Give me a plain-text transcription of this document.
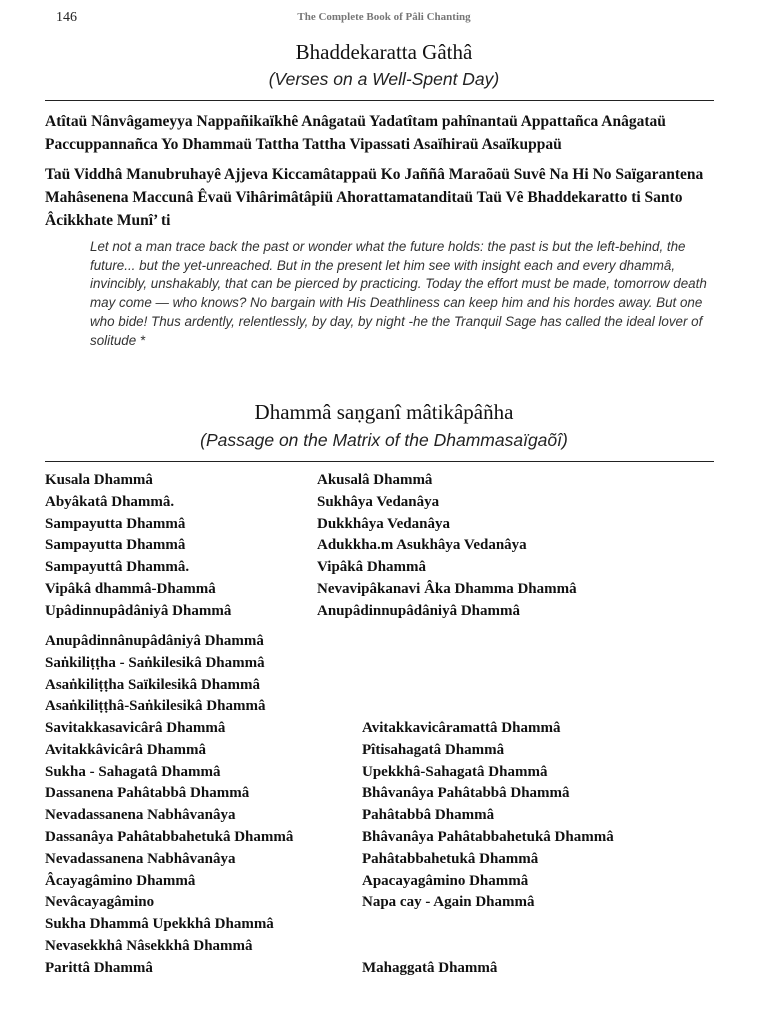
146	The Complete Book of Pâli Chanting
Bhaddekaratta Gâthâ
(Verses on a Well-Spent Day)
Atîtaü Nânvâgameyya Nappañikaïkhê Anâgataü Yadatîtam pahînantaü Appattañca Anâgataü Paccuppannañca Yo Dhammaü Tattha Tattha Vipassati Asaïhiraü Asaïkuppaü
Taü Viddhâ Manubruhayê Ajjeva Kiccamâtappaü Ko Jaññâ Maraõaü Suvê Na Hi No Saïgarantena Mahâsenena Maccunâ Êvaü Vihârimâtâpiü Ahorattamatanditaü Taü Vê Bhaddekaratto ti Santo Âcikkhate Munî’ ti
Let not a man trace back the past or wonder what the future holds: the past is but the left-behind, the future... but the yet-unreached. But in the present let him see with insight each and every dhammâ, invincibly, unshakably, that can be pierced by practicing. Today the effort must be made, tomorrow death may come — who knows? No bargain with His Deathliness can keep him and his hordes away. But one who bide! Thus ardently, relentlessly, by day, by night -he the Tranquil Sage has called the ideal lover of solitude *
Dhammâ saṇganî mâtikâpâñha
(Passage on the Matrix of the Dhammasaïgaõî)
Kusala Dhammâ
Abyâkatâ Dhammâ.
Sampayutta Dhammâ
Sampayutta Dhammâ
Sampayuttâ Dhammâ.
Vipâkâ dhammâ-Dhammâ
Upâdinnupâdâniyâ Dhammâ
Akusalâ Dhammâ
Sukhâya Vedanâya
Dukkhâya Vedanâya
Adukkha.m Asukhâya Vedanâya
Vipâkâ Dhammâ
Nevavipâkanavi Âka Dhamma Dhammâ
Anupâdinnupâdâniyâ Dhammâ
Anupâdinnânupâdâniyâ Dhammâ
Saṅkiliṭṭha - Saṅkilesikâ Dhammâ
Asaṅkiliṭṭha Saïkilesikâ Dhammâ
Asaṅkiliṭṭhâ-Saṅkilesikâ Dhammâ
Savitakkasavicârâ Dhammâ
Avitakkâvicârâ Dhammâ
Sukha - Sahagatâ Dhammâ
Dassanena Pahâtabbâ Dhammâ
Nevadassanena Nabhâvanâya
Dassanâya Pahâtabbahetukâ Dhammâ
Nevadassanena Nabhâvanâya
Âcayagâmino Dhammâ
Nevâcayagâmino
Sukha Dhammâ Upekkhâ Dhammâ
Nevasekkhâ Nâsekkhâ Dhammâ
Parittâ Dhammâ
Avitakkavicâramattâ Dhammâ
Pîtisahagatâ Dhammâ
Upekkhâ-Sahagatâ Dhammâ
Bhâvanâya Pahâtabbâ Dhammâ
Pahâtabbâ Dhammâ
Bhâvanâya Pahâtabbahetukâ Dhammâ
Pahâtabbahetukâ Dhammâ
Apacayagâmino Dhammâ
Napa cay - Again Dhammâ
Mahaggatâ Dhammâ
